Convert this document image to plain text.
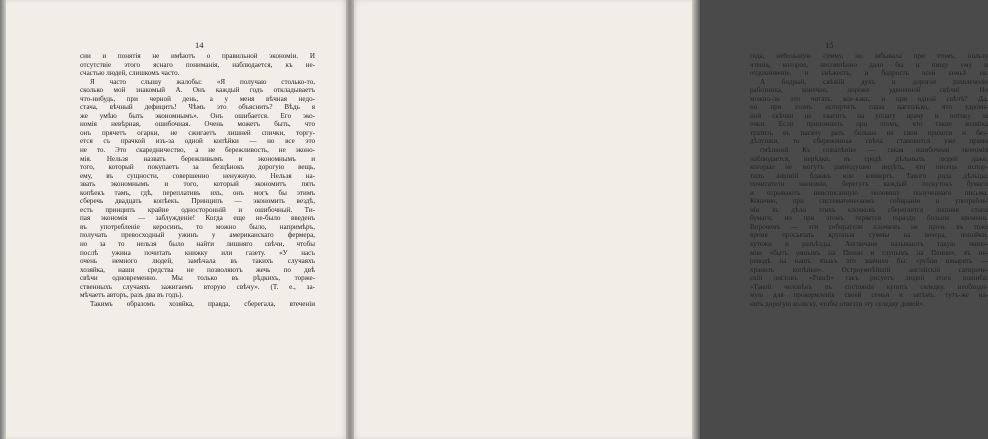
14
сии и понятія не имѣютъ о правильной экономіи. И
отсутствіе этого яснаго пониманія, наблюдается, къ не-
счастью людей, слишкомъ часто.
Я часто слышу жалобы: «Я получаю столько-то,
сколько мой знакомый А. Онъ каждый годъ откладываетъ
что-нибудь, при черной день, а у меня вѣчная недо-
стача, вѣчный дефицитъ! Чѣмъ это объяснить? Вѣдь я
же умѣю быть экономнымъ». Онъ ошибается. Его эко-
номія невѣрная, ошибочная. Очень можетъ быть, что
онъ прячетъ огарки, не сжигаетъ лишней спички, торгу-
ется съ прачкой изъ-за одной копѣйки — но все это
не то. Это скаредничество, а не бережливость, не эконо-
мія. Нельзя назвать бережливымъ и экономнымъ и
того, который покупаетъ за безцѣнокъ дорогую вещь,
ему, въ сущности, совершенно ненужную. Нельзя на-
звать экономнымъ и того, который экономитъ пять
копѣекъ тамъ, гдѣ, переплативъ ихъ, онъ могъ бы этимъ
сберечь двадцать копѣекъ. Принципъ — экономить вездѣ,
есть принципъ крайне односторонній и ошибочный. Ти-
пая экономія — заблужденіе! Когда еще не-было введенъ
въ употребленіе керосинъ, то можно было, напримѣръ,
получать превосходный ужинъ у американскаго фермера,
но за то нельзя было найти лишняго свѣчи, чтобы
послѣ ужина почитать книжку или газету. «У насъ
очень немного людей, замѣчала въ такихъ случаяхъ
хозяйка, наши средства не позволяютъ жечь по двѣ
свѣчи одновременно. Мы только въ рѣдкихъ, торже-
ственныхъ случаяхъ зажигаемъ вторую свѣчу». (Т. е., за-
мѣчаетъ авторъ, разъ два въ годъ).
Такимъ образомъ хозяйка, правда, сберегала, втеченіи
15
года, небольшую сумму, но забывала при этомъ, пользу
чтенія, которое, несомнѣнно дало бы и пищу уму и
отдохновеніе, и свѣжесть, и бодрость всей семьѣ ея.
А бодрый, свѣжій духъ и дорогое развлеченіе
работника, конечно, дороже удвоенной свѣчи! Но
можно-ли это читать, кое-какъ, и при одной свѣчѣ? Да,
но при этомъ испортить глаза настолько, что удвоен-
ной свѣчки не хватитъ на уплату врачу и оптику за
очки. Если припомнить при этомъ, что такие хозяйка
тратить въ тысячу разъ больше на свои прихоти и без-
дѣлушки, то сбереженная свѣча становится уже прямо
смѣшной. Къ сожалѣнію — такая ошибочная экономія
наблюдается, нерѣдко, въ средѣ дѣльныхъ людей даже,
которые не могутъ равнодушно видѣть, что писецъ испор-
тилъ лишній бланкъ или конвертъ. Такого рода дѣльцы,
почитатели экономіи, берегутъ каждый лоскутокъ бумаги
и отрываютъ неисписанную половину полученнаго письма.
Конечно, при систематическомъ собираніи и употребле-
ніи въ дѣло этихъ клочковъ сберегается лишняя стопа
бумаги, но при этомъ теряется гораздо больше времени.
Впрочемъ — эти собиратели клочковъ не прочь въ тоже
время просыпать крупныя суммы на вечера, попойки,
кутежи и разъѣзды. Англичане называютъ такую эконо-
мію «быть умнымъ на Пенни и глупымъ на Пенни», въ пе-
реводѣ на нашъ языкъ это значило бы: «рубли швырять —
хранить копѣйки». Остроумнѣйшій англійскій сатириче-
скій листокъ «Punch» такъ рисуетъ людей этого пошиба:
«Такой человѣкъ въ состояніи купить селедку, необходи-
мую для прокормленія своей семьи и затѣмъ, тутъ-же на-
нять дорогую коляску, чтобы отвезти эту селедку домой».
